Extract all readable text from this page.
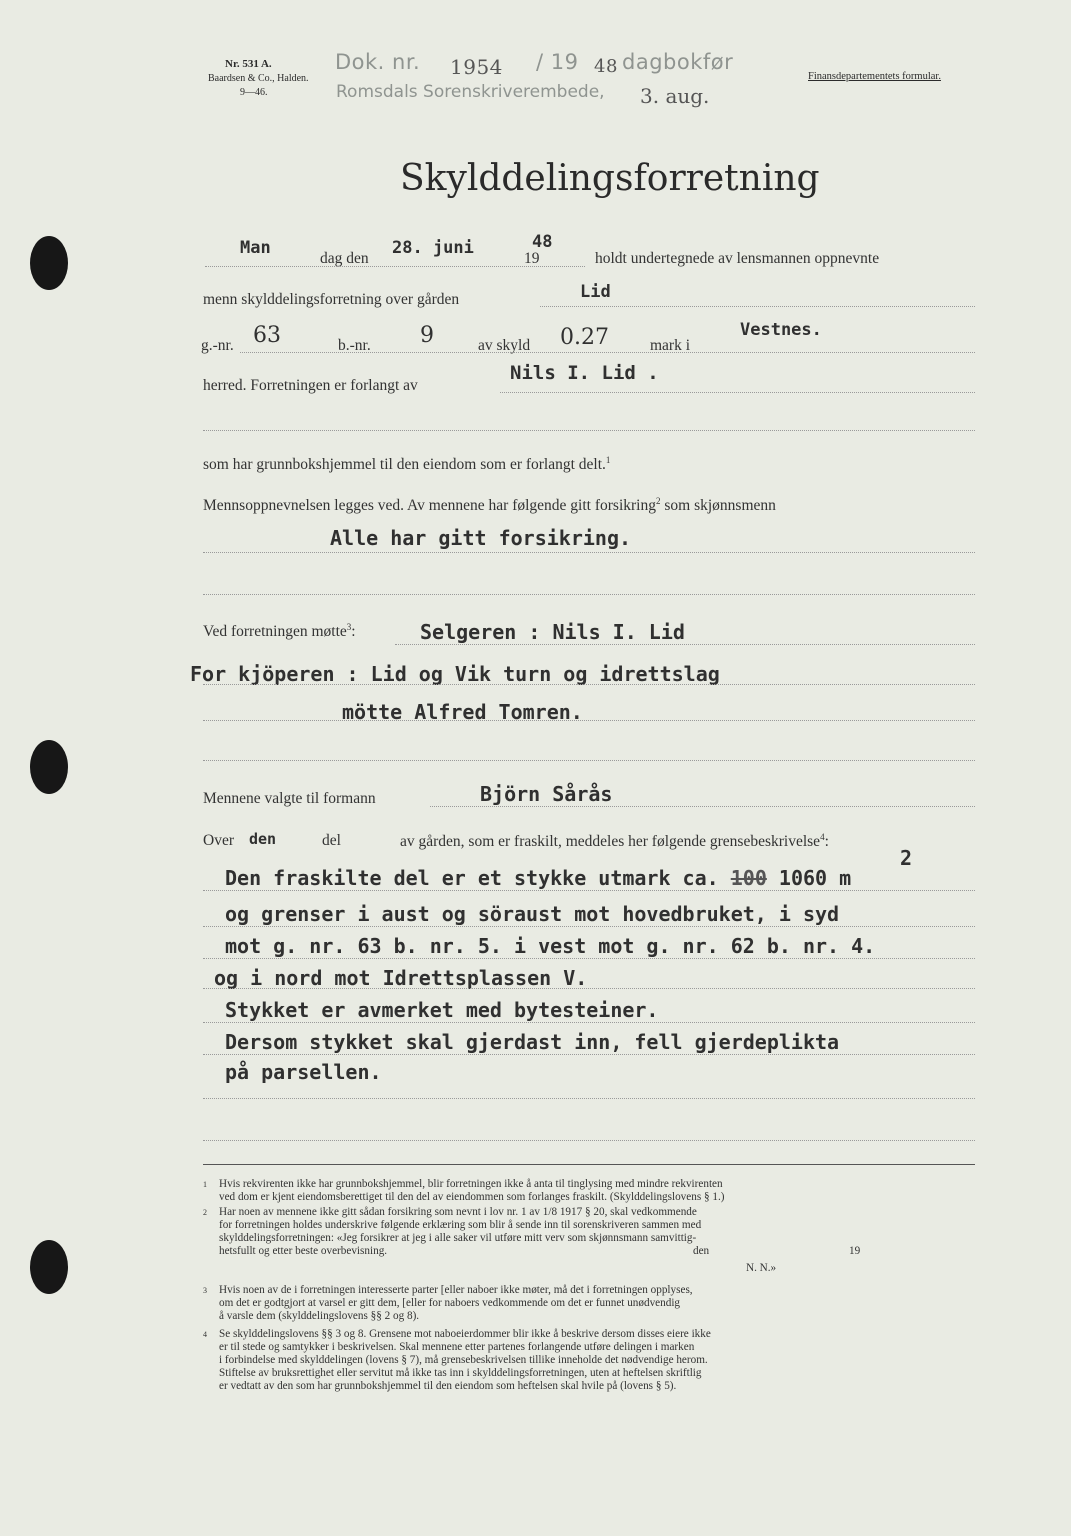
Nr. 531 A.
Baardsen & Co., Halden.
9—46.
Dok. nr. 1954 / 19 48 dagbokfør
Romsdals Sorenskriverembede, 3. aug.
Finansdepartementets formular.
Skylddelingsforretning
Man
dag den
28. juni
19
48
holdt undertegnede av lensmannen oppnevnte
menn skylddelingsforretning over gården	Lid
g.-nr. 63	b.-nr. 9	av skyld 0.27	mark i
Vestnes.
herred. Forretningen er forlangt av
Nils I. Lid .
som har grunnbokshjemmel til den eiendom som er forlangt delt.$^1$
Mennsoppnevnelsen legges ved. Av mennene har følgende gitt forsikring$^2$ som skjønnsmenn
Alle har gitt forsikring.
Ved forretningen møtte$^3$:	Selgeren : Nils I. Lid
For kjöperen : Lid og Vik turn og idrettslag
mötte Alfred Tomren.
Mennene valgte til formann	Björn Sårås
Over den	del	av gården, som er fraskilt, meddeles her følgende grensebeskrivelse$^4$:
Den fraskilte del er et stykke utmark ca. 100 1060 m
2
og grenser i aust og söraust mot hovedbruket, i syd
mot g. nr. 63 b. nr. 5. i vest mot g. nr. 62 b. nr. 4.
og i nord mot Idrettsplassen V.
Stykket er avmerket med bytesteiner.
Dersom stykket skal gjerdast inn, fell gjerdeplikta
på parsellen.
$^1$ Hvis rekvirenten ikke har grunnbokshjemmel, blir forretningen ikke å anta til tinglysing med mindre rekvirenten
ved dom er kjent eiendomsberettiget til den del av eiendommen som forlanges fraskilt. (Skylddelingslovens § 1.)
$^2$ Har noen av mennene ikke gitt sådan forsikring som nevnt i lov nr. 1 av 1/8 1917 § 20, skal vedkommende
for forretningen holdes underskrive følgende erklæring som blir å sende inn til sorenskriveren sammen med
skylddelingsforretningen: «Jeg forsikrer at jeg i alle saker vil utføre mitt verv som skjønnsmann samvittig-
hetsfullt og etter beste overbevisning.	den	19
N. N.»
$^3$ Hvis noen av de i forretningen interesserte parter [eller naboer ikke møter, må det i forretningen opplyses,
om det er godtgjort at varsel er gitt dem, [eller for naboers vedkommende om det er funnet unødvendig
å varsle dem (skylddelingslovens §§ 2 og 8).
$^4$ Se skylddelingslovens §§ 3 og 8. Grensene mot naboeierdommer blir ikke å beskrive dersom disses eiere ikke
er til stede og samtykker i beskrivelsen. Skal mennene etter partenes forlangende utføre delingen i marken
i forbindelse med skylddelingen (lovens § 7), må grensebeskrivelsen tillike inneholde det nødvendige herom.
Stiftelse av bruksrettighet eller servitut må ikke tas inn i skylddelingsforretningen, uten at heftelsen skriftlig
er vedtatt av den som har grunnbokshjemmel til den eiendom som heftelsen skal hvile på (lovens § 5).
